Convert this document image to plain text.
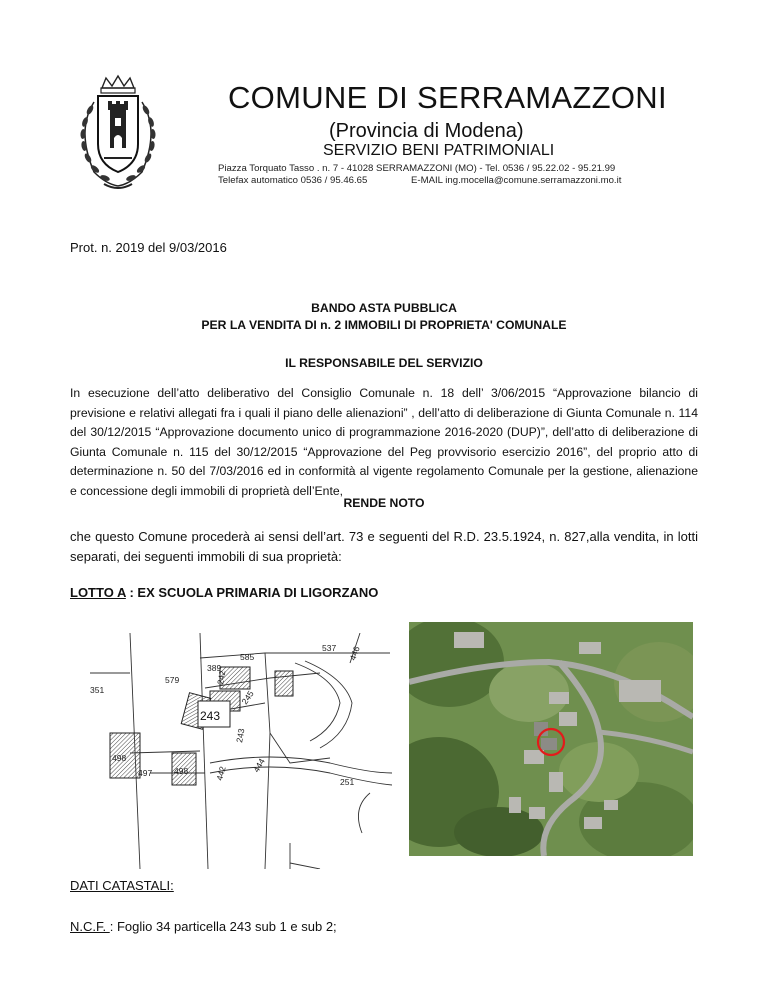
COMUNE DI SERRAMAZZONI
(Provincia di Modena)
SERVIZIO BENI PATRIMONIALI
Piazza Torquato Tasso . n. 7 - 41028 SERRAMAZZONI (MO) - Tel. 0536 / 95.22.02 - 95.21.99
Telefax automatico 0536 / 95.46.65	E-MAIL ing.mocella@comune.serramazzoni.mo.it
Prot. n. 2019 del 9/03/2016
BANDO ASTA PUBBLICA
PER LA VENDITA DI n. 2 IMMOBILI DI PROPRIETA' COMUNALE
IL RESPONSABILE DEL SERVIZIO
In esecuzione dell’atto deliberativo del Consiglio Comunale n. 18 dell’ 3/06/2015 “Approvazione bilancio di previsione e relativi allegati fra i quali il piano delle alienazioni” , dell’atto di deliberazione di Giunta Comunale n. 114 del 30/12/2015 “Approvazione documento unico di programmazione 2016-2020 (DUP)”, dell’atto di deliberazione di Giunta Comunale n. 115 del 30/12/2015 “Approvazione del Peg provvisorio esercizio 2016”, del proprio atto di determinazione n. 50 del 7/03/2016 ed in conformità al vigente regolamento Comunale per la gestione, alienazione e concessione degli immobili di proprietà dell’Ente,
RENDE NOTO
che questo Comune procederà ai sensi dell’art. 73 e seguenti del R.D. 23.5.1924, n. 827,alla vendita, in lotti separati, dei seguenti immobili di sua proprietà:
LOTTO A : EX SCUOLA PRIMARIA DI LIGORZANO
585
537
389
242
579
245
243
243
498
497	498	442	444
251
446
351
DATI CATASTALI:
N.C.F. : Foglio 34 particella 243 sub 1 e sub 2;
